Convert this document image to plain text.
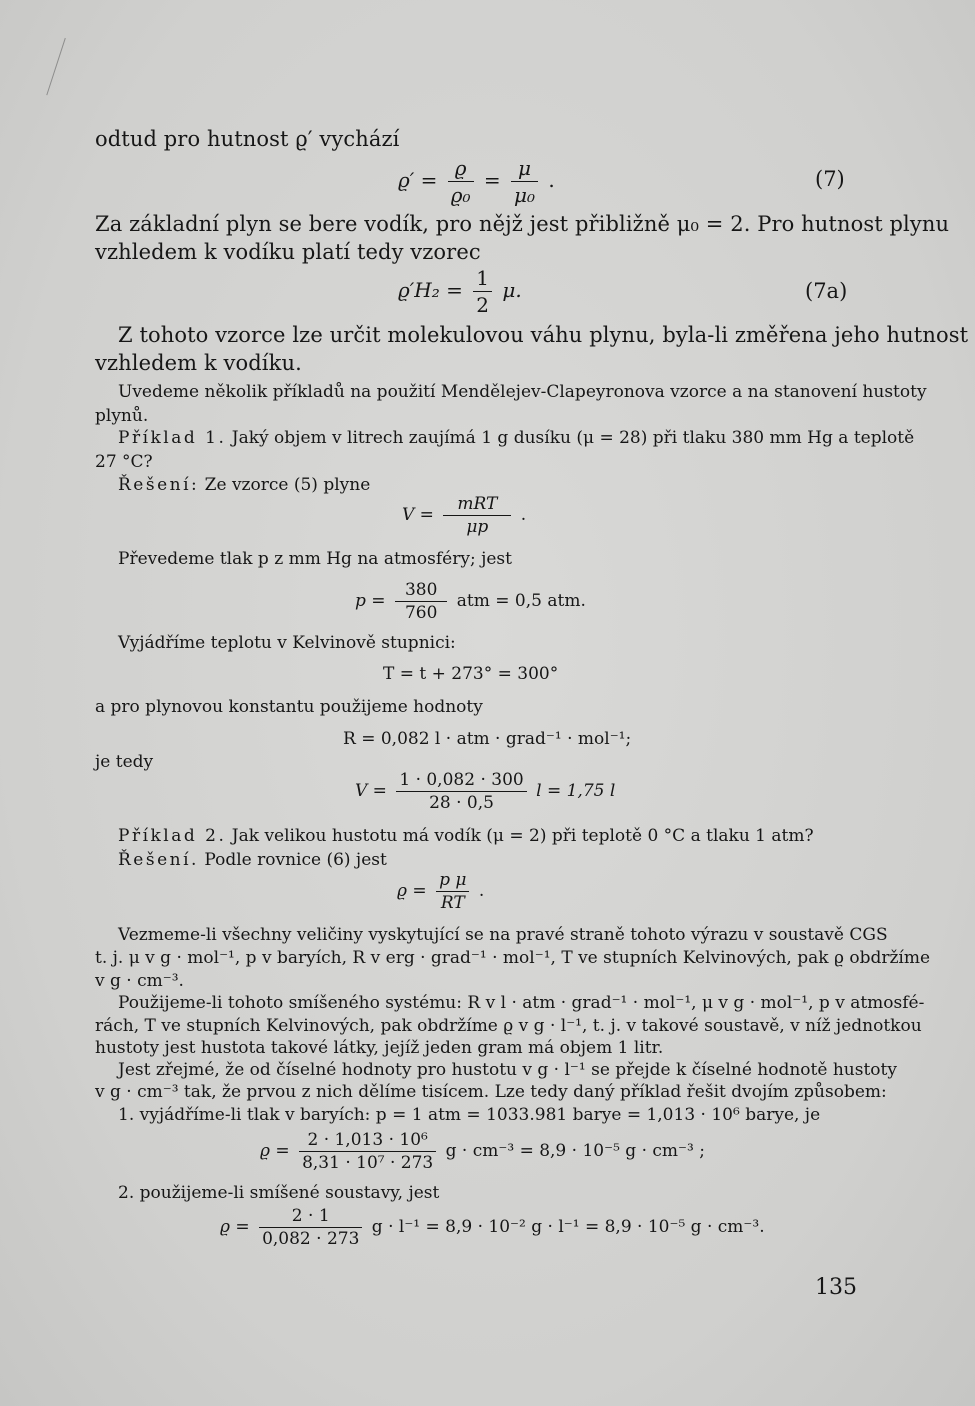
odtud pro hutnost ϱ′ vychází
$ϱ' = \frac{ϱ}{\text{ϱ₀}} = \frac{\mu}{\text{μ₀}}$ .	(7)
Za základní plyn se bere vodík, pro nějž jest přibližně μ₀ = 2. Pro hutnost plynu
vzhledem k vodíku platí tedy vzorec
$ϱ'H_2 = \frac{1}{2} \mu$.	(7a)
Z tohoto vzorce lze určit molekulovou váhu plynu, byla-li změřena jeho hutnost
vzhledem k vodíku.
Uvedeme několik příkladů na použití Mendělejev-Clapeyronova vzorce a na stanovení hustoty
plynů.
Příklad 1. Jaký objem v litrech zaujímá 1 g dusíku (μ = 28) při tlaku 380 mm Hg a teplotě
27 °C?
Řešení: Ze vzorce (5) plyne
$V = \frac{\text{mRT}}{\mu p}$ .
Převedeme tlak p z mm Hg na atmosféry; jest
$p = \frac{380}{760}$ atm = 0,5 atm.
Vyjádříme teplotu v Kelvinově stupnici:
T = t + 273° = 300°
a pro plynovou konstantu použijeme hodnoty
R = 0,082 l · atm · grad⁻¹ · mol⁻¹;
je tedy
$V = \frac{1 \cdot 0,082 \cdot 300}{28 \cdot 0,5}$ l = 1,75 l
Příklad 2. Jak velikou hustotu má vodík (μ = 2) při teplotě 0 °C a tlaku 1 atm?
Řešení. Podle rovnice (6) jest
$ϱ = \frac{\text{p μ}}{RT}$ .
Vezmeme-li všechny veličiny vyskytující se na pravé straně tohoto výrazu v soustavě CGS
t. j. μ v g · mol⁻¹, p v baryích, R v erg · grad⁻¹ · mol⁻¹, T ve stupních Kelvinových, pak ϱ obdržíme
v g · cm⁻³.
Použijeme-li tohoto smíšeného systému: R v l · atm · grad⁻¹ · mol⁻¹, μ v g · mol⁻¹, p v atmosfé-
rách, T ve stupních Kelvinových, pak obdržíme ϱ v g · l⁻¹, t. j. v takové soustavě, v níž jednotkou
hustoty jest hustota takové látky, jejíž jeden gram má objem 1 litr.
Jest zřejmé, že od číselné hodnoty pro hustotu v g · l⁻¹ se přejde k číselné hodnotě hustoty
v g · cm⁻³ tak, že prvou z nich dělíme tisícem. Lze tedy daný příklad řešit dvojím způsobem:
1. vyjádříme-li tlak v baryích: p = 1 atm = 1033.981 barye = 1,013 · 10⁶ barye, je
$ϱ = \frac{\text{2 · 1,013 · 10⁶}}{\text{8,31 · 10⁷ · 273}}$ g · cm⁻³ = 8,9 · 10⁻⁵ g · cm⁻³ ;
2. použijeme-li smíšené soustavy, jest
$ϱ = \frac{2 \cdot 1}{0,082 \cdot 273}$ g · l⁻¹ = 8,9 · 10⁻² g · l⁻¹ = 8,9 · 10⁻⁵ g · cm⁻³.
135
